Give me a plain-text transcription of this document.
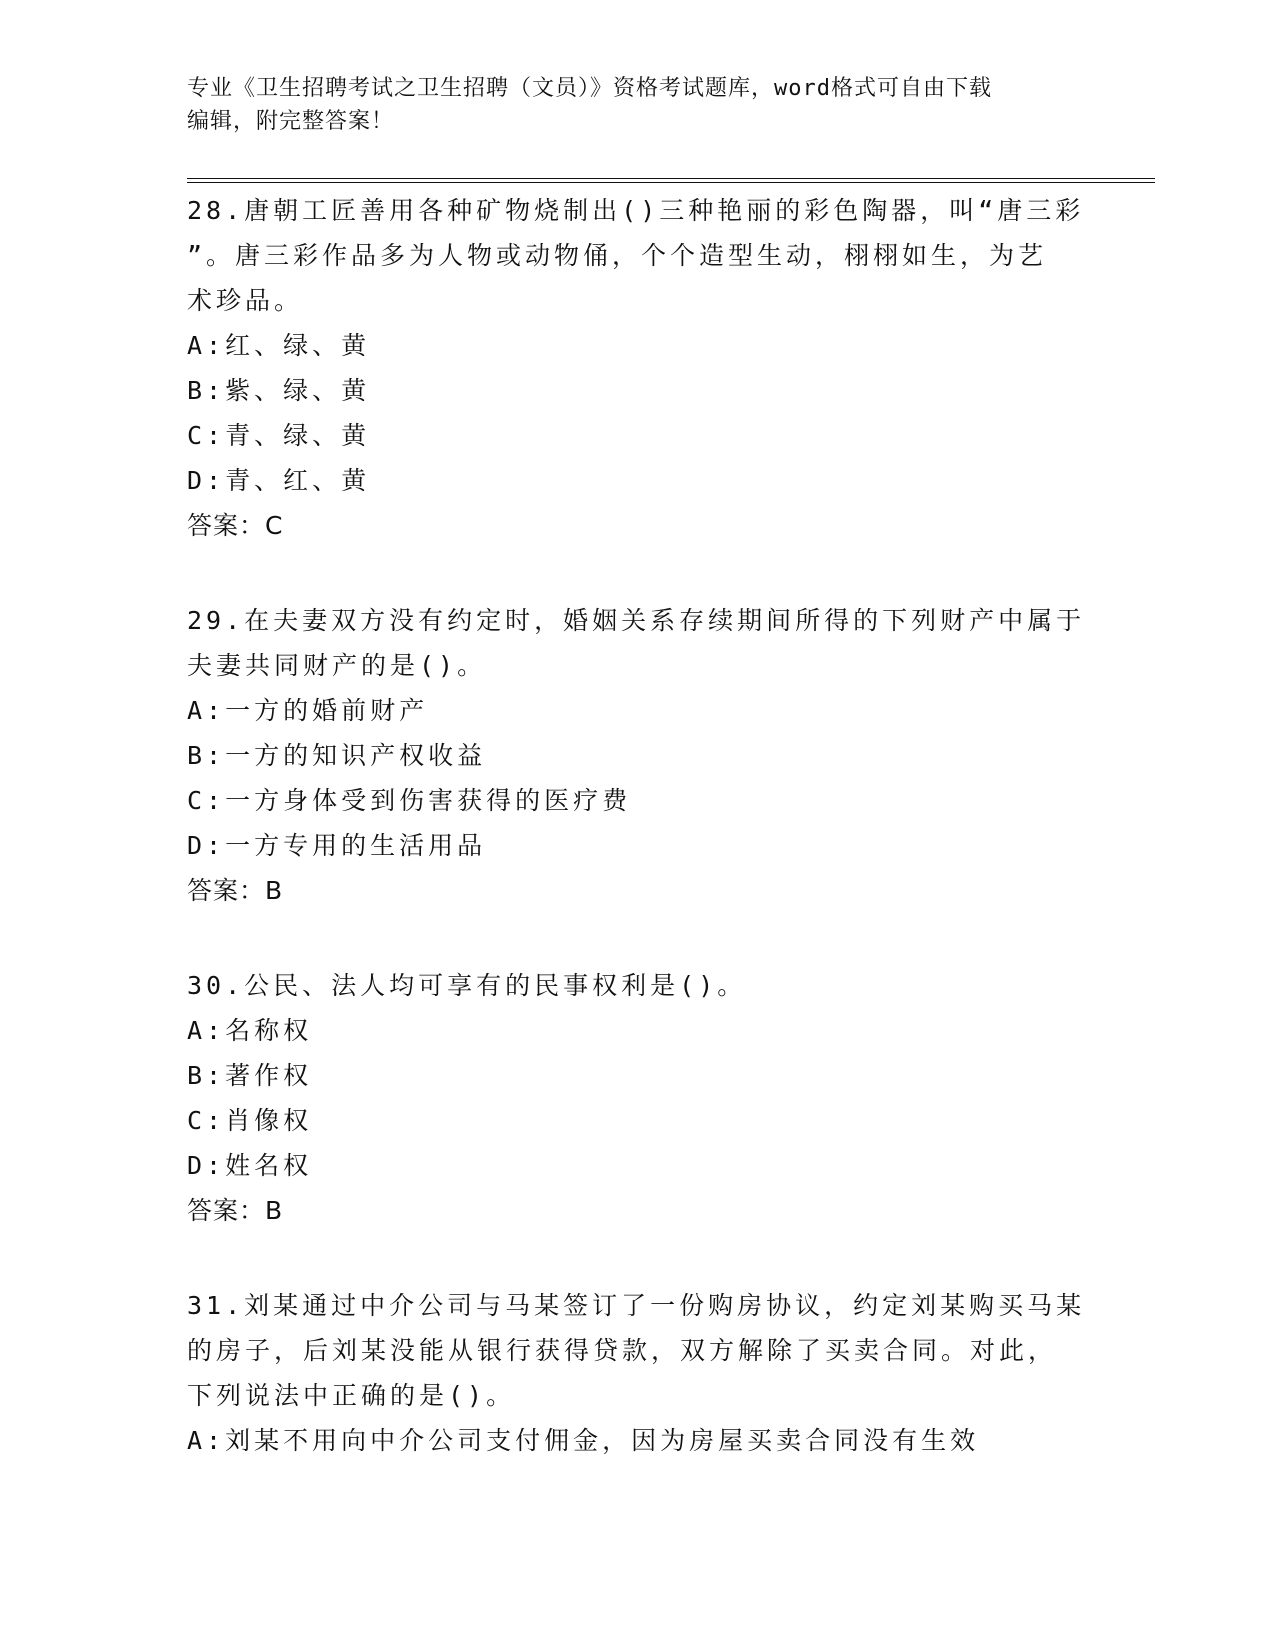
专业《卫生招聘考试之卫生招聘（文员）》资格考试题库，word格式可自由下载
编辑，附完整答案！
28.唐朝工匠善用各种矿物烧制出()三种艳丽的彩色陶器，叫“唐三彩
”。唐三彩作品多为人物或动物俑，个个造型生动，栩栩如生，为艺
术珍品。
A:红、绿、黄
B:紫、绿、黄
C:青、绿、黄
D:青、红、黄
答案：C
29.在夫妻双方没有约定时，婚姻关系存续期间所得的下列财产中属于
夫妻共同财产的是()。
A:一方的婚前财产
B:一方的知识产权收益
C:一方身体受到伤害获得的医疗费
D:一方专用的生活用品
答案：B
30.公民、法人均可享有的民事权利是()。
A:名称权
B:著作权
C:肖像权
D:姓名权
答案：B
31.刘某通过中介公司与马某签订了一份购房协议，约定刘某购买马某
的房子，后刘某没能从银行获得贷款，双方解除了买卖合同。对此，
下列说法中正确的是()。
A:刘某不用向中介公司支付佣金，因为房屋买卖合同没有生效
